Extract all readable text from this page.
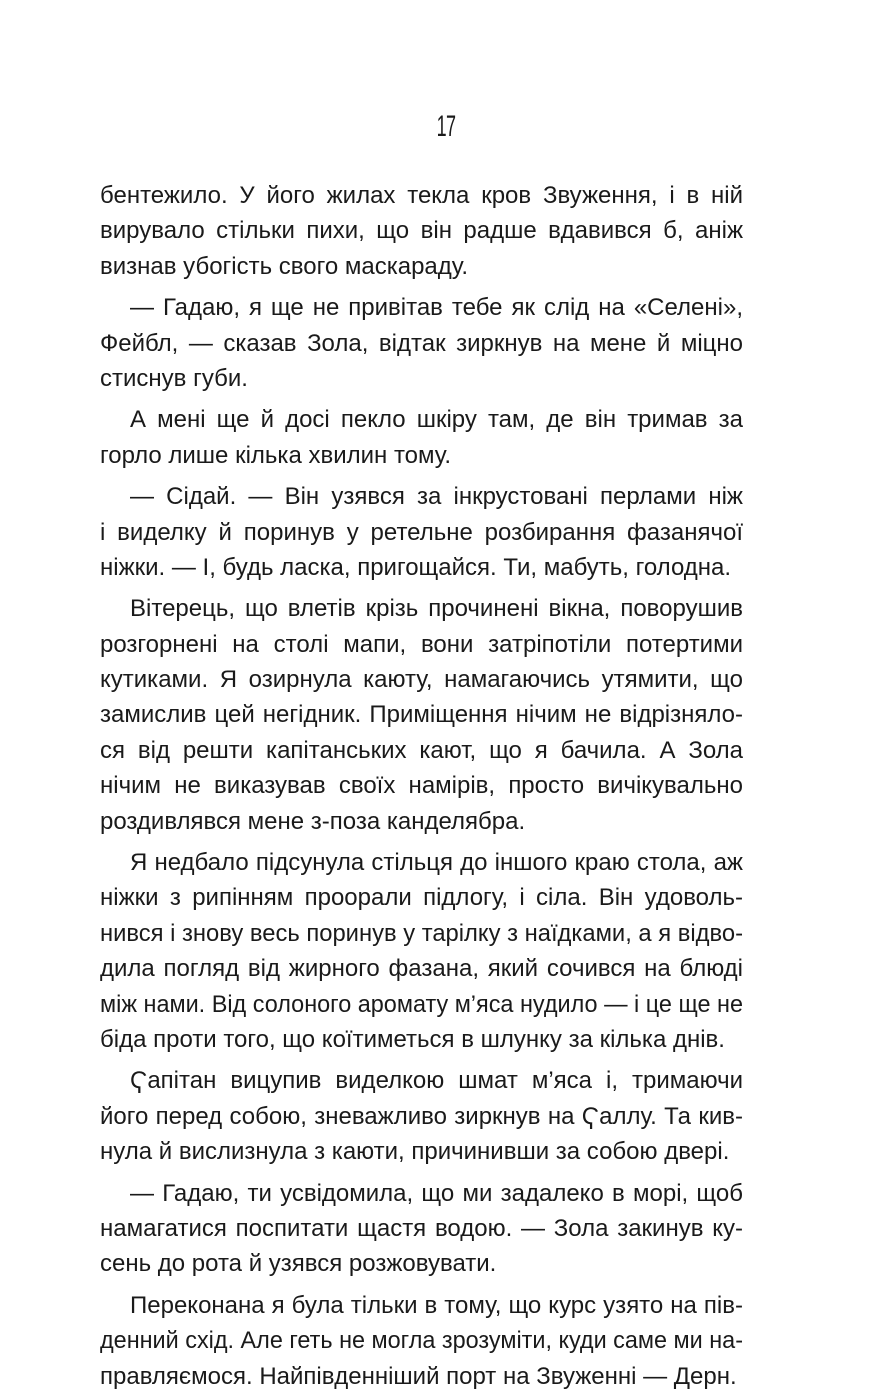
17
бентежило. У його жилах текла кров Звуження, і в ній
вирувало стільки пихи, що він радше вдавився б, аніж
визнав убогість свого маскараду.
— Гадаю, я ще не привітав тебе як слід на «Селені»,
Фейбл, — сказав Зола, відтак зиркнув на мене й міцно
стиснув губи.
А мені ще й досі пекло шкіру там, де він тримав за
горло лише кілька хвилин тому.
— Сідай. — Він узявся за інкрустовані перлами ніж
і виделку й поринув у ретельне розбирання фазанячої
ніжки. — І, будь ласка, пригощайся. Ти, мабуть, голодна.
Вітерець, що влетів крізь прочинені вікна, поворушив
розгорнені на столі мапи, вони затріпотіли потертими
кутиками. Я озирнула каюту, намагаючись утямити, що
замислив цей негідник. Приміщення нічим не відрізняло-
ся від решти капітанських кают, що я бачила. А Зола
нічим не виказував своїх намірів, просто вичікувально
роздивлявся мене з-поза канделябра.
Я недбало підсунула стільця до іншого краю стола, аж
ніжки з рипінням проорали підлогу, і сіла. Він удоволь-
нився і знову весь поринув у тарілку з наїдками, а я відво-
дила погляд від жирного фазана, який сочився на блюді
між нами. Від солоного аромату м’яса нудило — і це ще не
біда проти того, що коїтиметься в шлунку за кілька днів.
Ҁапітан вицупив виделкою шмат м’яса і, тримаючи
його перед собою, зневажливо зиркнув на Ҁаллу. Та кив-
нула й вислизнула з каюти, причинивши за собою двері.
— Гадаю, ти усвідомила, що ми задалеко в морі, щоб
намагатися поспитати щастя водою. — Зола закинув ку-
сень до рота й узявся розжовувати.
Переконана я була тільки в тому, що курс узято на пів-
денний схід. Але геть не могла зрозуміти, куди саме ми на-
правляємося. Найпівденніший порт на Звуженні — Дерн.
